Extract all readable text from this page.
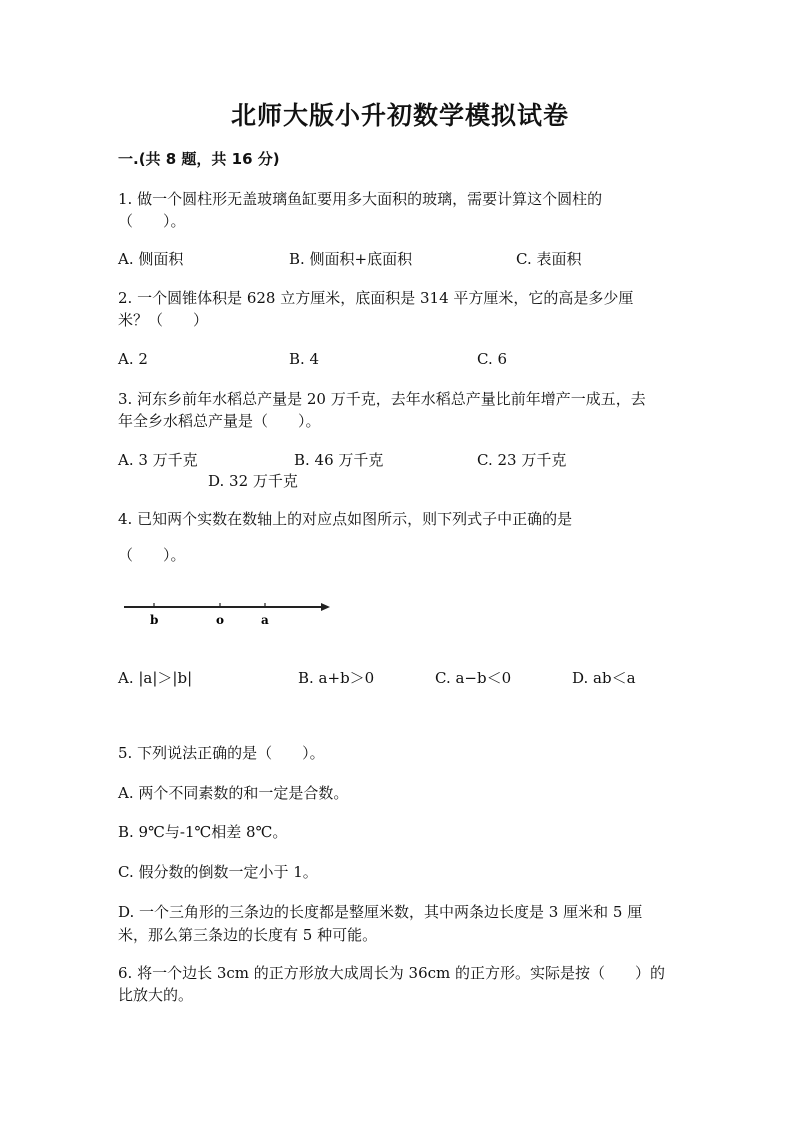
北师大版小升初数学模拟试卷
一.(共 8 题，共 16 分)
1. 做一个圆柱形无盖玻璃鱼缸要用多大面积的玻璃，需要计算这个圆柱的
（　　）。
A. 侧面积	B. 侧面积+底面积	C. 表面积
2. 一个圆锥体积是 628 立方厘米，底面积是 314 平方厘米，它的高是多少厘
米？（　　）
A. 2	B. 4	C. 6
3. 河东乡前年水稻总产量是 20 万千克，去年水稻总产量比前年增产一成五，去
年全乡水稻总产量是（　　）。
A. 3 万千克	B. 46 万千克	C. 23 万千克
D. 32 万千克
4. 已知两个实数在数轴上的对应点如图所示，则下列式子中正确的是
（　　）。
b	o	a
A. |a|＞|b|	B. a+b＞0	C. a−b＜0	D. ab＜a
5. 下列说法正确的是（　　）。
A. 两个不同素数的和一定是合数。
B. 9℃与-1℃相差 8℃。
C. 假分数的倒数一定小于 1。
D. 一个三角形的三条边的长度都是整厘米数，其中两条边长度是 3 厘米和 5 厘
米，那么第三条边的长度有 5 种可能。
6. 将一个边长 3cm 的正方形放大成周长为 36cm 的正方形。实际是按（　　）的
比放大的。
